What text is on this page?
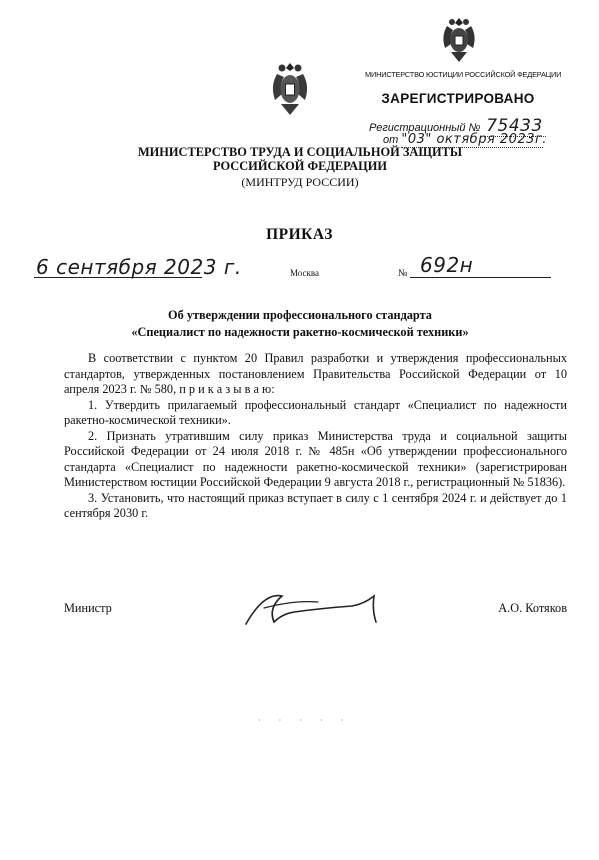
МИНИСТЕРСТВО ЮСТИЦИИ РОССИЙСКОЙ ФЕДЕРАЦИИ
ЗАРЕГИСТРИРОВАНО
Регистрационный № 75433
от "03" октября 2023г.
МИНИСТЕРСТВО ТРУДА И СОЦИАЛЬНОЙ ЗАЩИТЫ
РОССИЙСКОЙ ФЕДЕРАЦИИ
(МИНТРУД РОССИИ)
ПРИКАЗ
6 сентября 2023 г.	Москва	№ 692н
Об утверждении профессионального стандарта
«Специалист по надежности ракетно-космической техники»

В соответствии с пунктом 20 Правил разработки и утверждения профессиональных стандартов, утвержденных постановлением Правительства Российской Федерации от 10 апреля 2023 г. № 580, п р и к а з ы в а ю:

1. Утвердить прилагаемый профессиональный стандарт «Специалист по надежности ракетно-космической техники».

2. Признать утратившим силу приказ Министерства труда и социальной защиты Российской Федерации от 24 июля 2018 г. № 485н «Об утверждении профессионального стандарта «Специалист по надежности ракетно-космической техники» (зарегистрирован Министерством юстиции Российской Федерации 9 августа 2018 г., регистрационный № 51836).

3. Установить, что настоящий приказ вступает в силу с 1 сентября 2024 г. и действует до 1 сентября 2030 г.

Министр	А.О. Котяков
·····
